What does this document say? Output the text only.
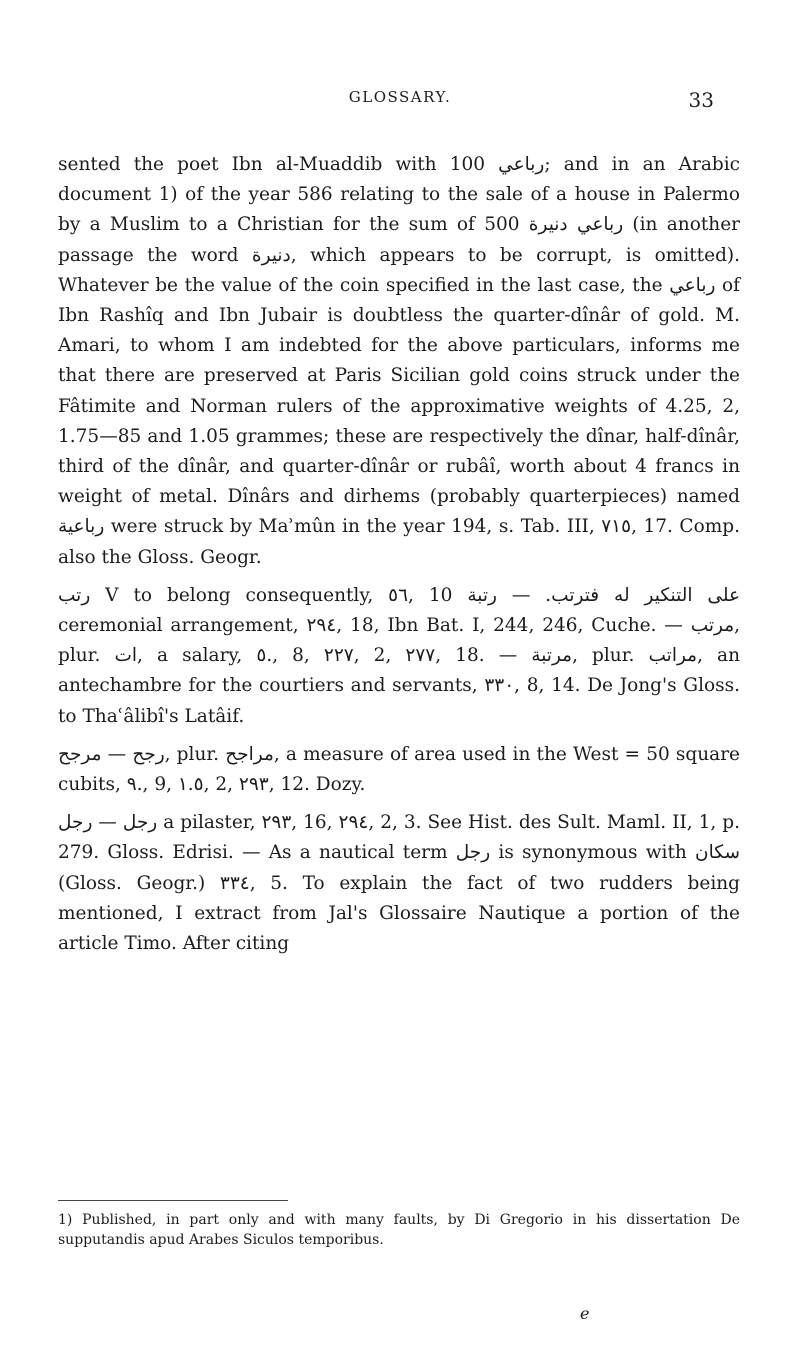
GLOSSARY.	33

sented the poet Ibn al-Muaddib with 100 رباعي; and in an Arabic document 1) of the year 586 relating to the sale of a house in Palermo by a Muslim to a Christian for the sum of 500 رباعي دنيرة (in another passage the word دنيرة, which appears to be corrupt, is omitted). Whatever be the value of the coin specified in the last case, the رباعي of Ibn Rashîq and Ibn Jubair is doubtless the quarter-dînâr of gold. M. Amari, to whom I am indebted for the above particulars, informs me that there are preserved at Paris Sicilian gold coins struck under the Fâtimite and Norman rulers of the approximative weights of 4.25, 2, 1.75—85 and 1.05 grammes; these are respectively the dînar, half-dînâr, third of the dînâr, and quarter-dînâr or rubâî, worth about 4 francs in weight of metal. Dînârs and dirhems (probably quarterpieces) named رباعية were struck by Maʾmûn in the year 194, s. Tab. III, ۷۱٥, 17. Comp. also the Gloss. Geogr.

رتب V to belong consequently, ٥٦, 10 على التنكير له فترتب. — رتبة ceremonial arrangement, ٢٩٤, 18, Ibn Bat. I, 244, 246, Cuche. — مرتب, plur. ات, a salary, ٥., 8, ٢٢٧, 2, ٢٧٧, 18. — مرتبة, plur. مراتب, an antechambre for the courtiers and servants, ٣٣٠, 8, 14. De Jong's Gloss. to Thaʿâlibî's Latâif.

رجح — مرجح, plur. مراجح, a measure of area used in the West = 50 square cubits, ٩., 9, ١.٥, 2, ٢٩٣, 12. Dozy.

رجل — رجل a pilaster, ٢٩٣, 16, ٢٩٤, 2, 3. See Hist. des Sult. Maml. II, 1, p. 279. Gloss. Edrisi. — As a nautical term رجل is synonymous with سكان (Gloss. Geogr.) ٣٣٤, 5. To explain the fact of two rudders being mentioned, I extract from Jal's Glossaire Nautique a portion of the article Timo. After citing

1) Published, in part only and with many faults, by Di Gregorio in his dissertation De supputandis apud Arabes Siculos temporibus.
e
